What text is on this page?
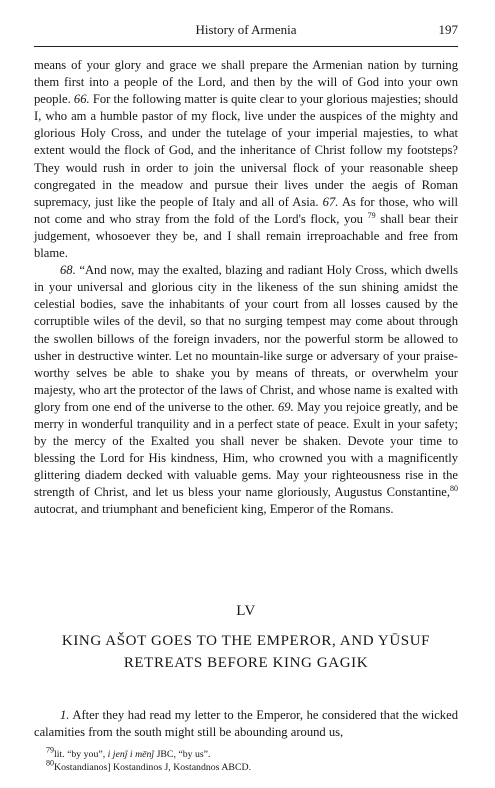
History of Armenia	197

means of your glory and grace we shall prepare the Armenian nation by turning them first into a people of the Lord, and then by the will of God into your own people. 66. For the following matter is quite clear to your glorious majesties; should I, who am a humble pastor of my flock, live under the auspices of the mighty and glorious Holy Cross, and under the tutelage of your imperial majesties, to what extent would the flock of God, and the inheritance of Christ follow my footsteps? They would rush in order to join the universal flock of your reasonable sheep congregated in the meadow and pursue their lives under the aegis of Roman supremacy, just like the people of Italy and all of Asia. 67. As for those, who will not come and who stray from the fold of the Lord's flock, you $^{79}$ shall bear their judgement, whosoever they be, and I shall remain irreproachable and free from blame.

68. “And now, may the exalted, blazing and radiant Holy Cross, which dwells in your universal and glorious city in the likeness of the sun shining amidst the celestial bodies, save the inhabitants of your court from all losses caused by the corruptible wiles of the devil, so that no surging tempest may come about through the swollen billows of the foreign invaders, nor the powerful storm be allowed to usher in destructive winter. Let no mountain-like surge or adversary of your praiseworthy selves be able to shake you by means of threats, or overwhelm your majesty, who art the protector of the laws of Christ, and whose name is exalted with glory from one end of the universe to the other. 69. May you rejoice greatly, and be merry in wonderful tranquility and in a perfect state of peace. Exult in your safety; by the mercy of the Exalted you shall never be shaken. Devote your time to blessing the Lord for His kindness, Him, who crowned you with a magnificently glittering diadem decked with valuable gems. May your righteousness rise in the strength of Christ, and let us bless your name gloriously, Augustus Constantine,$^{80}$ autocrat, and triumphant and beneficient king, Emperor of the Romans.

LV
KING AŠOT GOES TO THE EMPEROR, AND YŪSUF
RETREATS BEFORE KING GAGIK

1. After they had read my letter to the Emperor, he considered that the wicked calamities from the south might still be abounding around us,

$^{79}$lit. “by you”, i jenĵ i mēnĵ JBC, “by us”.
$^{80}$Kostandianos] Kostandinos J, Kostandnos ABCD.
